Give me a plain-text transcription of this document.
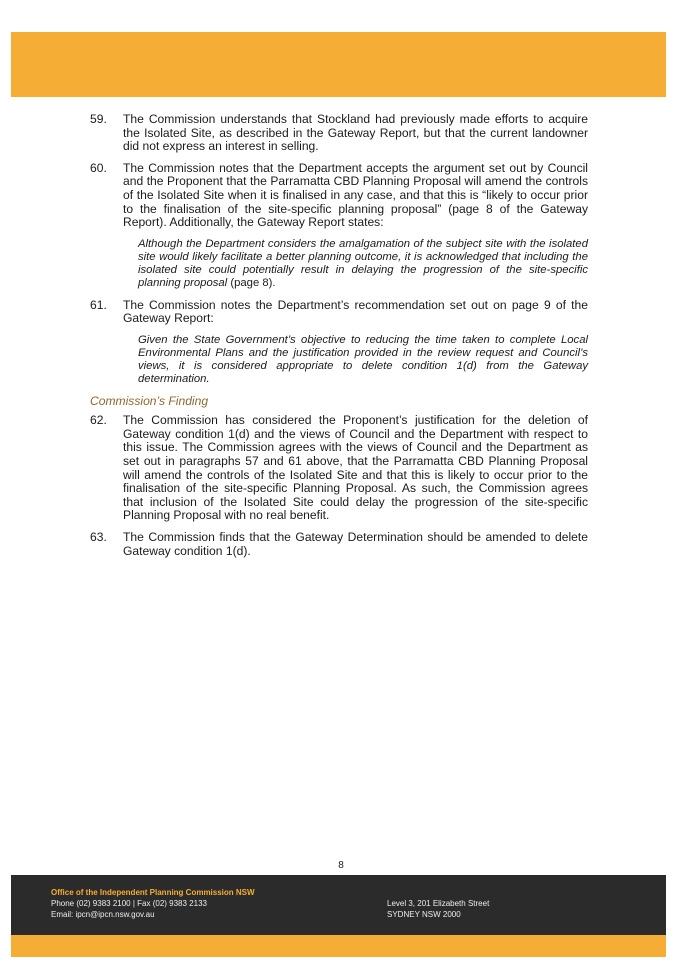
59.	The Commission understands that Stockland had previously made efforts to acquire the Isolated Site, as described in the Gateway Report, but that the current landowner did not express an interest in selling.
60.	The Commission notes that the Department accepts the argument set out by Council and the Proponent that the Parramatta CBD Planning Proposal will amend the controls of the Isolated Site when it is finalised in any case, and that this is “likely to occur prior to the finalisation of the site-specific planning proposal” (page 8 of the Gateway Report). Additionally, the Gateway Report states:
Although the Department considers the amalgamation of the subject site with the isolated site would likely facilitate a better planning outcome, it is acknowledged that including the isolated site could potentially result in delaying the progression of the site-specific planning proposal (page 8).
61.	The Commission notes the Department’s recommendation set out on page 9 of the Gateway Report:
Given the State Government’s objective to reducing the time taken to complete Local Environmental Plans and the justification provided in the review request and Council’s views, it is considered appropriate to delete condition 1(d) from the Gateway determination.
Commission’s Finding
62.	The Commission has considered the Proponent’s justification for the deletion of Gateway condition 1(d) and the views of Council and the Department with respect to this issue. The Commission agrees with the views of Council and the Department as set out in paragraphs 57 and 61 above, that the Parramatta CBD Planning Proposal will amend the controls of the Isolated Site and that this is likely to occur prior to the finalisation of the site-specific Planning Proposal. As such, the Commission agrees that inclusion of the Isolated Site could delay the progression of the site-specific Planning Proposal with no real benefit.
63.	The Commission finds that the Gateway Determination should be amended to delete Gateway condition 1(d).
8
Office of the Independent Planning Commission NSW
Phone (02) 9383 2100 | Fax (02) 9383 2133
Email: ipcn@ipcn.nsw.gov.au
Level 3, 201 Elizabeth Street
SYDNEY NSW 2000
